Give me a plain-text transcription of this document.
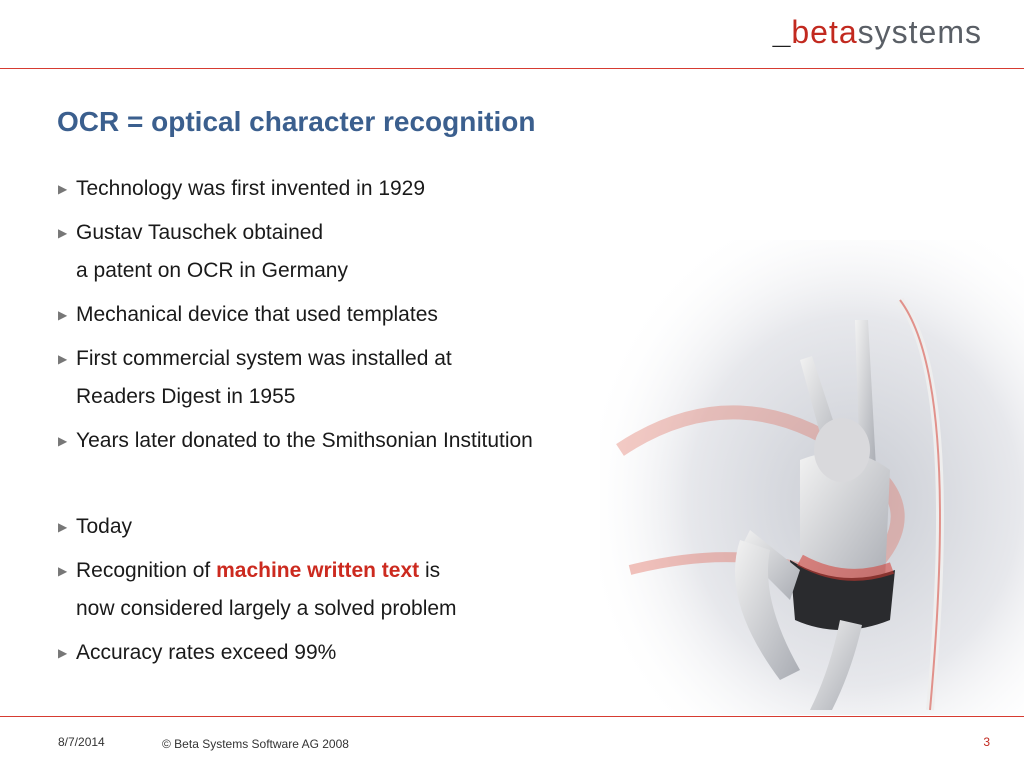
_betasystems
OCR = optical character recognition
▶ Technology was first invented in 1929
▶ Gustav Tauschek obtained
a patent on OCR in Germany
▶ Mechanical device that used templates
▶ First commercial system was installed at
Readers Digest in 1955
▶ Years later donated to the Smithsonian Institution
▶ Today
▶ Recognition of machine written text is
now considered largely a solved problem
▶ Accuracy rates exceed 99%
8/7/2014	© Beta Systems Software AG 2008	3
